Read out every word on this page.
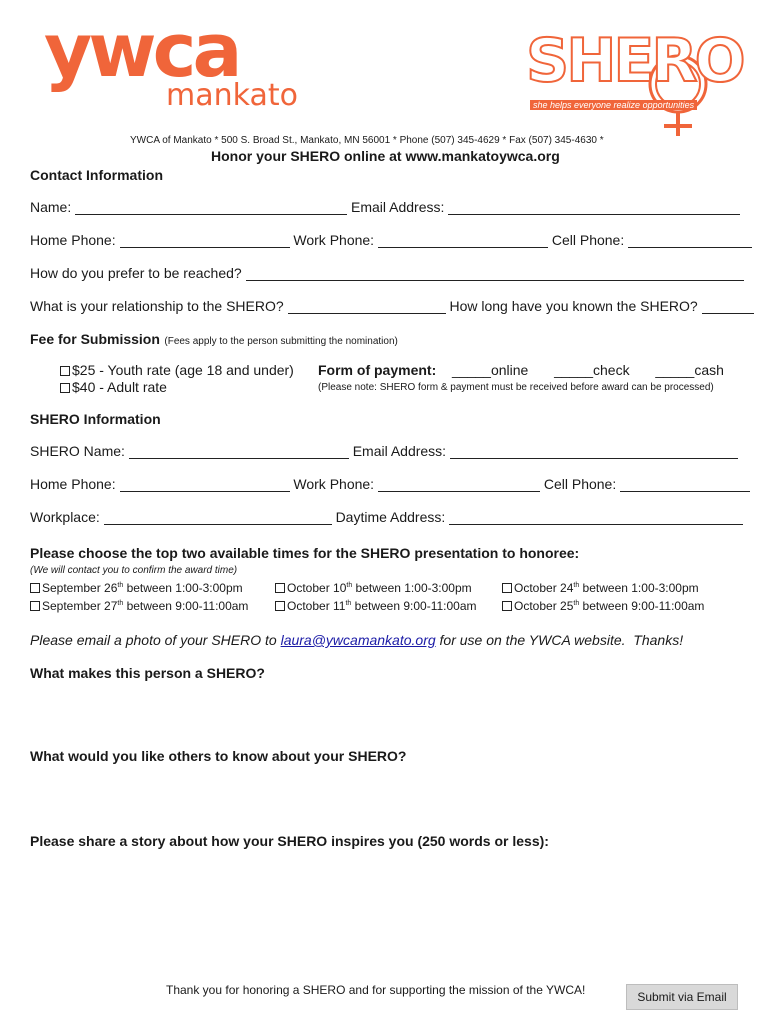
ywca
mankato	SHERO
she helps everyone realize opportunities
YWCA of Mankato * 500 S. Broad St., Mankato, MN 56001 * Phone (507) 345-4629 * Fax (507) 345-4630 *
Honor your SHERO online at www.mankatoywca.org
Contact Information
Name:	Email Address:
Home Phone:	Work Phone:	Cell Phone:
How do you prefer to be reached?
What is your relationship to the SHERO?	How long have you known the SHERO?
Fee for Submission (Fees apply to the person submitting the nomination)
$25 - Youth rate (age 18 and under)
$40 - Adult rate
Form of payment: _____online _____check _____cash
(Please note: SHERO form & payment must be received before award can be processed)
SHERO Information
SHERO Name:	Email Address:
Home Phone:	Work Phone:	Cell Phone:
Workplace:	Daytime Address:
Please choose the top two available times for the SHERO presentation to honoree:
(We will contact you to confirm the award time)
September 26th between 1:00-3:00pm	October 10th between 1:00-3:00pm	October 24th between 1:00-3:00pm
September 27th between 9:00-11:00am	October 11th between 9:00-11:00am	October 25th between 9:00-11:00am
Please email a photo of your SHERO to laura@ywcamankato.org for use on the YWCA website.  Thanks!
What makes this person a SHERO?
What would you like others to know about your SHERO?
Please share a story about how your SHERO inspires you (250 words or less):
Thank you for honoring a SHERO and for supporting the mission of the YWCA!	Submit via Email
